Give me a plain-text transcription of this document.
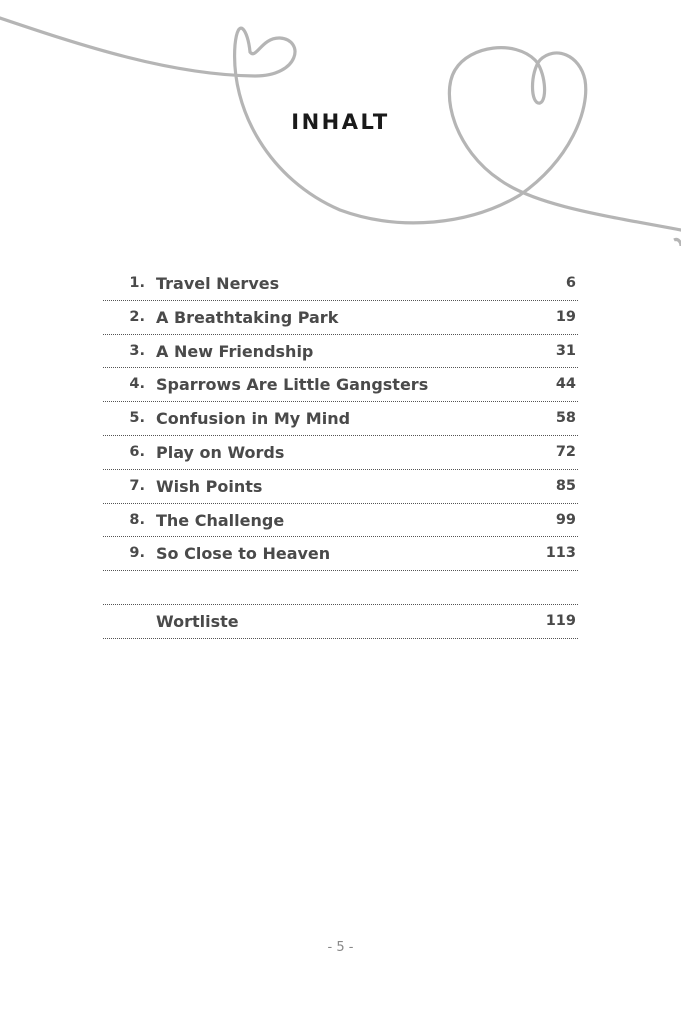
INHALT
1. Travel Nerves	6
2. A Breathtaking Park	19
3. A New Friendship	31
4. Sparrows Are Little Gangsters	44
5. Confusion in My Mind	58
6. Play on Words	72
7. Wish Points	85
8. The Challenge	99
9. So Close to Heaven	113
Wortliste	119
- 5 -
